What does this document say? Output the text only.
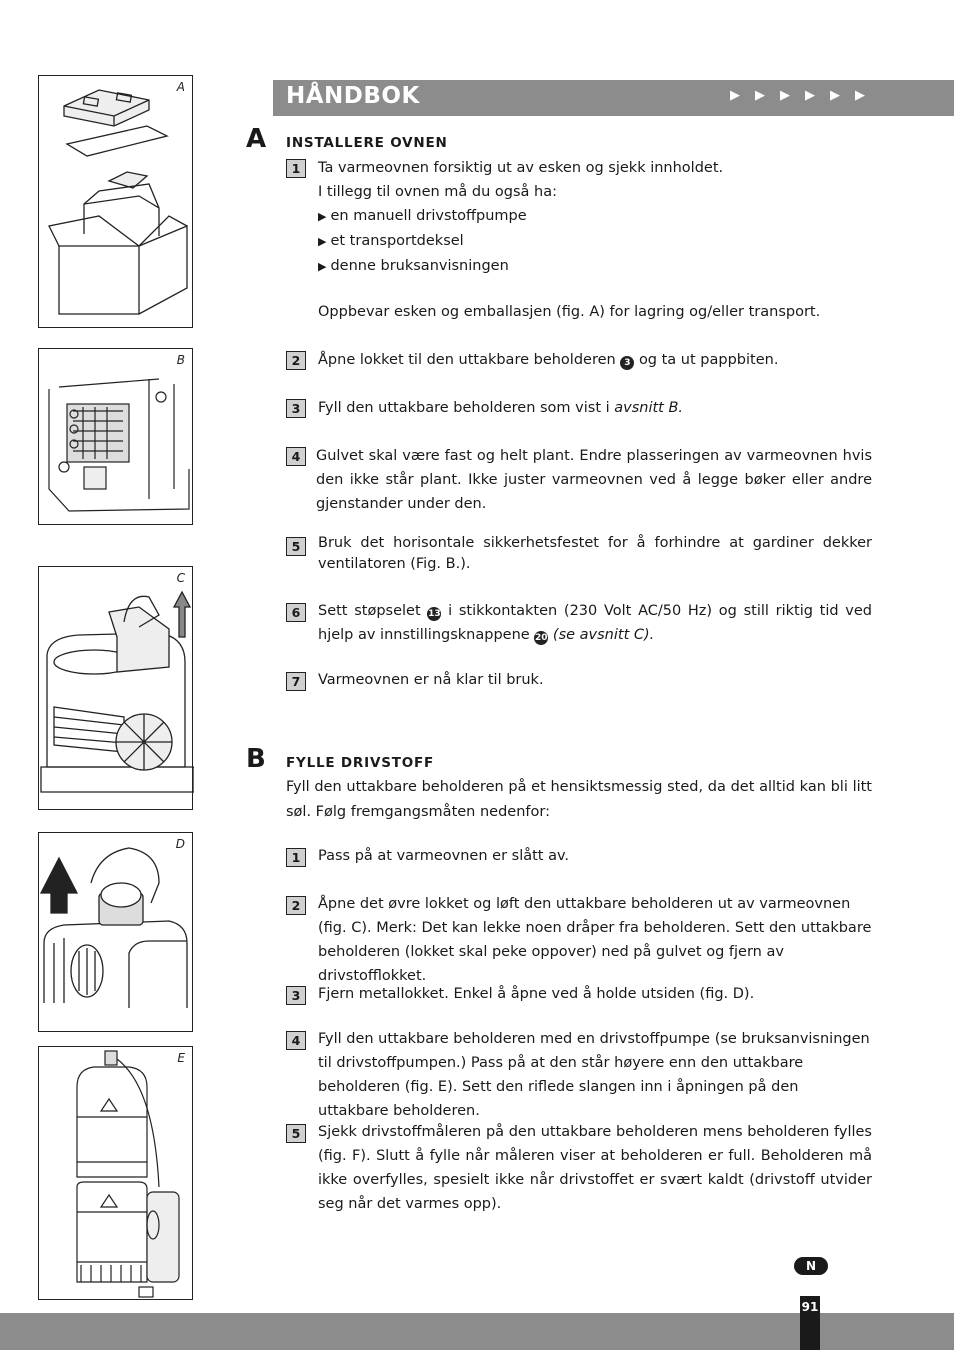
A
B
C
D
E
HÅNDBOK	▶▶▶▶▶▶
A INSTALLERE OVNEN
1	Ta varmeovnen forsiktig ut av esken og sjekk innholdet.
I tillegg til ovnen må du også ha:
▶ en manuell drivstoffpumpe
▶ et transportdeksel
▶ denne bruksanvisningen
Oppbevar esken og emballasjen (fig. A) for lagring og/eller transport.
2	Åpne lokket til den uttakbare beholderen 3 og ta ut pappbiten.
3	Fyll den uttakbare beholderen som vist i avsnitt B.
4	Gulvet skal være fast og helt plant. Endre plasseringen av varmeovnen hvis den ikke står plant. Ikke juster varmeovnen ved å legge bøker eller andre gjenstander under den.
5	Bruk det horisontale sikkerhetsfestet for å forhindre at gardiner dekker ventilatoren (Fig. B.).
6	Sett støpselet 13 i stikkontakten (230 Volt AC/50 Hz) og still riktig tid ved hjelp av innstillingsknappene 20 (se avsnitt C).
7	Varmeovnen er nå klar til bruk.
B FYLLE DRIVSTOFF
Fyll den uttakbare beholderen på et hensiktsmessig sted, da det alltid kan bli litt søl. Følg fremgangsmåten nedenfor:
1	Pass på at varmeovnen er slått av.
2	Åpne det øvre lokket og løft den uttakbare beholderen ut av varmeovnen (fig. C). Merk: Det kan lekke noen dråper fra beholderen. Sett den uttakbare beholderen (lokket skal peke oppover) ned på gulvet og fjern av drivstofflokket.
3	Fjern metallokket. Enkel å åpne ved å holde utsiden (fig. D).
4	Fyll den uttakbare beholderen med en drivstoffpumpe (se bruksanvisningen til drivstoffpumpen.) Pass på at den står høyere enn den uttakbare beholderen (fig. E). Sett den riflede slangen inn i åpningen på den uttakbare beholderen.
5	Sjekk drivstoffmåleren på den uttakbare beholderen mens beholderen fylles (fig. F). Slutt å fylle når måleren viser at beholderen er full. Beholderen må ikke overfylles, spesielt ikke når drivstoffet er svært kaldt (drivstoff utvider seg når det varmes opp).
N
91
